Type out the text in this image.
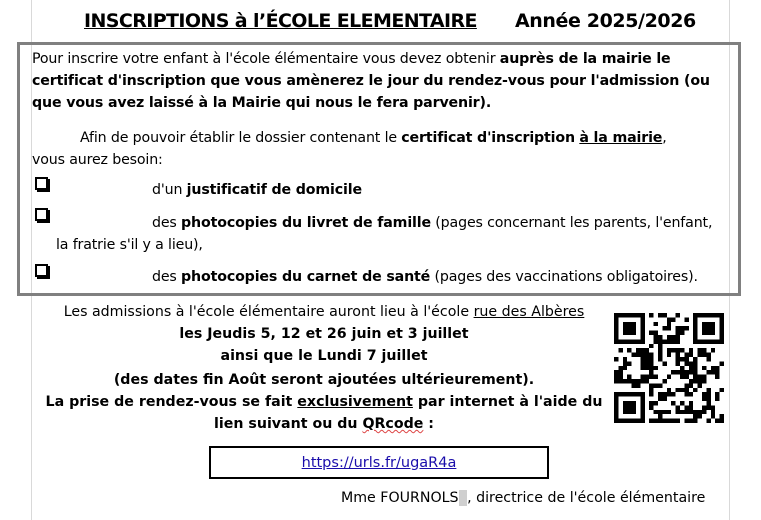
INSCRIPTIONS à l’ÉCOLE ELEMENTAIRE Année 2025/2026
Pour inscrire votre enfant à l'école élémentaire vous devez obtenir auprès de la mairie le
certificat d'inscription que vous amènerez le jour du rendez-vous pour l'admission (ou
que vous avez laissé à la Mairie qui nous le fera parvenir).
Afin de pouvoir établir le dossier contenant le certificat d'inscription à la mairie,
vous aurez besoin:
d'un justificatif de domicile
des photocopies du livret de famille (pages concernant les parents, l'enfant,
la fratrie s'il y a lieu),
des photocopies du carnet de santé (pages des vaccinations obligatoires).
Les admissions à l'école élémentaire auront lieu à l'école rue des Albères
les Jeudis 5, 12 et 26 juin et 3 juillet
ainsi que le Lundi 7 juillet
(des dates fin Août seront ajoutées ultérieurement).
La prise de rendez-vous se fait exclusivement par internet à l'aide du
lien suivant ou du QRcode :
https://urls.fr/ugaR4a
Mme FOURNOLS , directrice de l'école élémentaire
